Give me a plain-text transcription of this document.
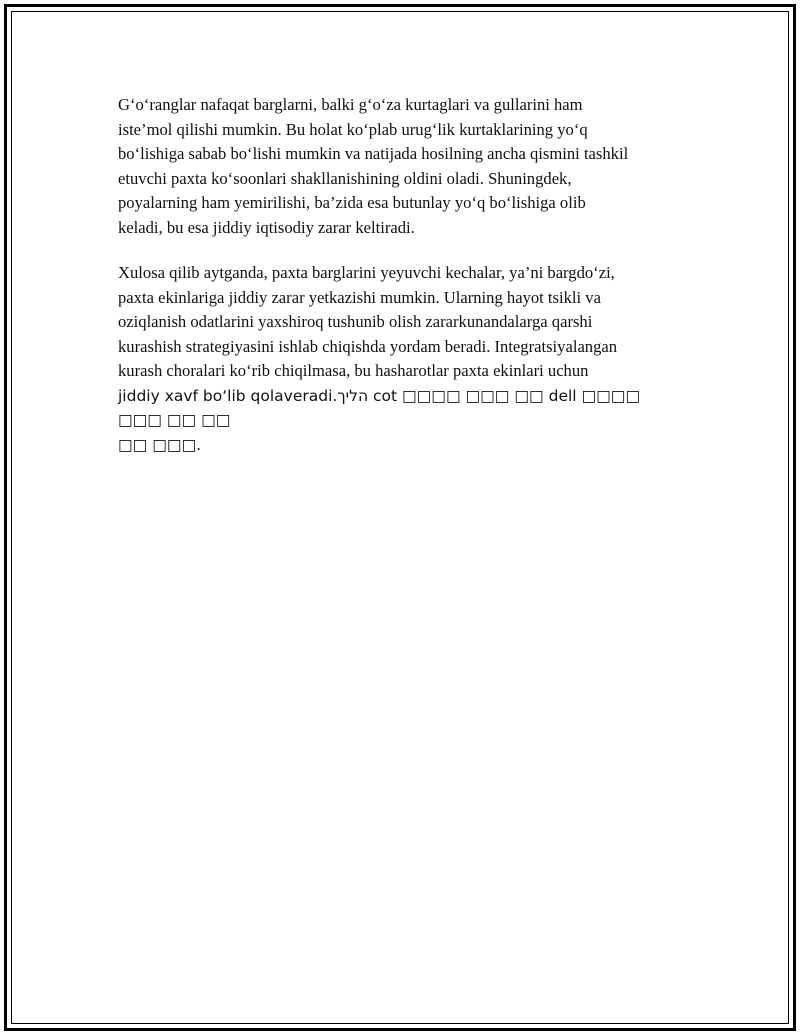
G‘o‘ranglar nafaqat barglarni, balki g‘o‘za kurtaglari va gullarini ham
iste’mol qilishi mumkin. Bu holat ko‘plab urug‘lik kurtaklarining yo‘q
bo‘lishiga sabab bo‘lishi mumkin va natijada hosilning ancha qismini tashkil
etuvchi paxta ko‘soonlari shakllanishining oldini oladi. Shuningdek,
poyalarning ham yemirilishi, ba’zida esa butunlay yo‘q bo‘lishiga olib
keladi, bu esa jiddiy iqtisodiy zarar keltiradi.

Xulosa qilib aytganda, paxta barglarini yeyuvchi kechalar, ya’ni bargdo‘zi,
paxta ekinlariga jiddiy zarar yetkazishi mumkin. Ularning hayot tsikli va
oziqlanish odatlarini yaxshiroq tushunib olish zararkunandalarga qarshi
kurashish strategiyasini ishlab chiqishda yordam beradi. Integratsiyalangan
kurash choralari ko‘rib chiqilmasa, bu hasharotlar paxta ekinlari uchun
jiddiy xavf bo‘lib qolaveradi.הליך cot □□□□ □□□ □□ dell □□□□ □□□ □□ □□
□□ □□□.
